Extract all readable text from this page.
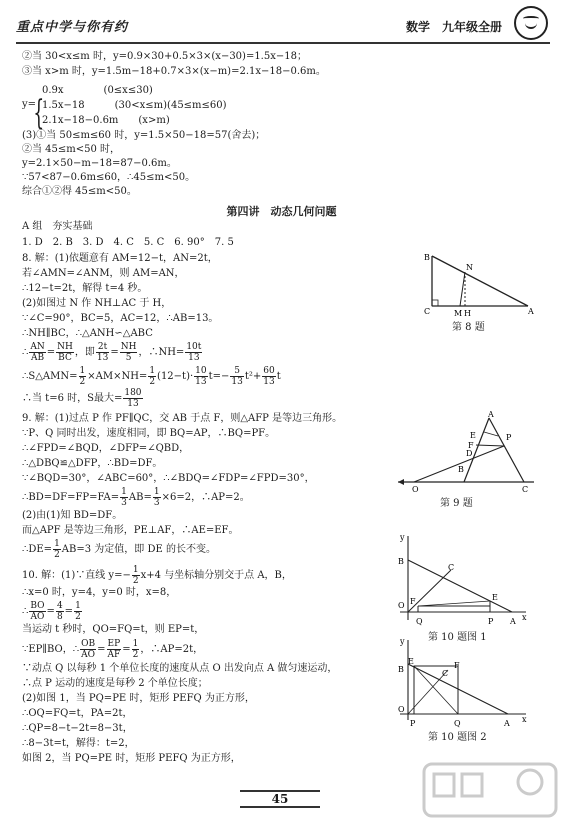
重点中学与你有约	数学　九年级全册
②当 30<x≤m 时，y=0.9×30+0.5×3×(x−30)=1.5x−18；
③当 x>m 时，y=1.5m−18+0.7×3×(x−m)=2.1x−18−0.6m。
y=
{
0.9x　　　　(0≤x≤30)
1.5x−18　　　(30<x≤m)(45≤m≤60)
2.1x−18−0.6m　　(x>m)
(3)①当 50≤m≤60 时，y=1.5×50−18=57(舍去)；
②当 45≤m<50 时，
y=2.1×50−m−18=87−0.6m。
∵57<87−0.6m≤60，∴45≤m<50。
综合①②得 45≤m<50。
第四讲　动态几何问题
A 组　夯实基础
1. D　2. B　3. D　4. C　5. C　6. 90°　7. 5
8. 解：(1)依题意有 AM=12−t，AN=2t，
若∠AMN=∠ANM，则 AM=AN，
∴12−t=2t，解得 t=4 秒。
(2)如图过 N 作 NH⊥AC 于 H，
∵∠C=90°，BC=5，AC=12，∴AB=13。
∴NH∥BC，∴△ANH∽△ABC
∴ $\frac{AN}{AB} = \frac{NH}{BC}$ ，即 $\frac{2t}{13} = \frac{NH}{5}$ ，∴NH= $\frac{10t}{13}$
∴S△AMN= $\frac{1}{2} \times AM\times NH= \frac{1}{2} (12-t)\cdot \frac{10}{13} t=- \frac{5}{13} t^2+ \frac{60}{13}$ t
∴当 t=6 时，S最大= $\frac{180}{13}$
9. 解：(1)过点 P 作 PF∥QC，交 AB 于点 F，则△AFP 是等边三角形。
∵P、Q 同时出发，速度相同，即 BQ=AP，∴BQ=PF。
∴∠FPD=∠BQD，∠DFP=∠QBD，
∴△DBQ≌△DFP，∴BD=DF。
∵∠BQD=30°，∠ABC=60°，∴∠BDQ=∠FDP=∠FPD=30°，
∴BD=DF=FP=FA= $\frac{1}{3} AB= \frac{1}{3} \times 6=2$，∴AP=2。
(2)由(1)知 BD=DF。
而△APF 是等边三角形，PE⊥AF，∴AE=EF。
∴DE= $\frac{1}{2} AB=3$ 为定值，即 DE 的长不变。
10. 解：(1)∵直线 $y=- \frac{1}{2} x+4$ 与坐标轴分别交于点 A，B，
∴x=0 时，y=4，y=0 时，x=8，
∴ $\frac{BO}{AO} = \frac{4}{8} = \frac{1}{2}$
当运动 t 秒时，QO=FQ=t，则 EP=t，
∵EP∥BO，∴ $\frac{OB}{AO} = \frac{EP}{AF} = \frac{1}{2}$ ，∴AP=2t，
∵动点 Q 以每秒 1 个单位长度的速度从点 O 出发向点 A 做匀速运动，
∴点 P 运动的速度是每秒 2 个单位长度；
(2)如图 1，当 PQ=PE 时，矩形 PEFQ 为正方形，
∴OQ=FQ=t，PA=2t，
∴QP=8−t−2t=8−3t，
∴8−3t=t，解得：t=2，
如图 2，当 PQ=PE 时，矩形 PEFQ 为正方形，
B
N
C	M H	A
第 8 题
A
E
F
P
D
B
Q	C
第 9 题
y
B
C
O F	E
Q	P A x
第 10 题图 1
y
E
B	C
F
O
P	Q	A x
第 10 题图 2
45
